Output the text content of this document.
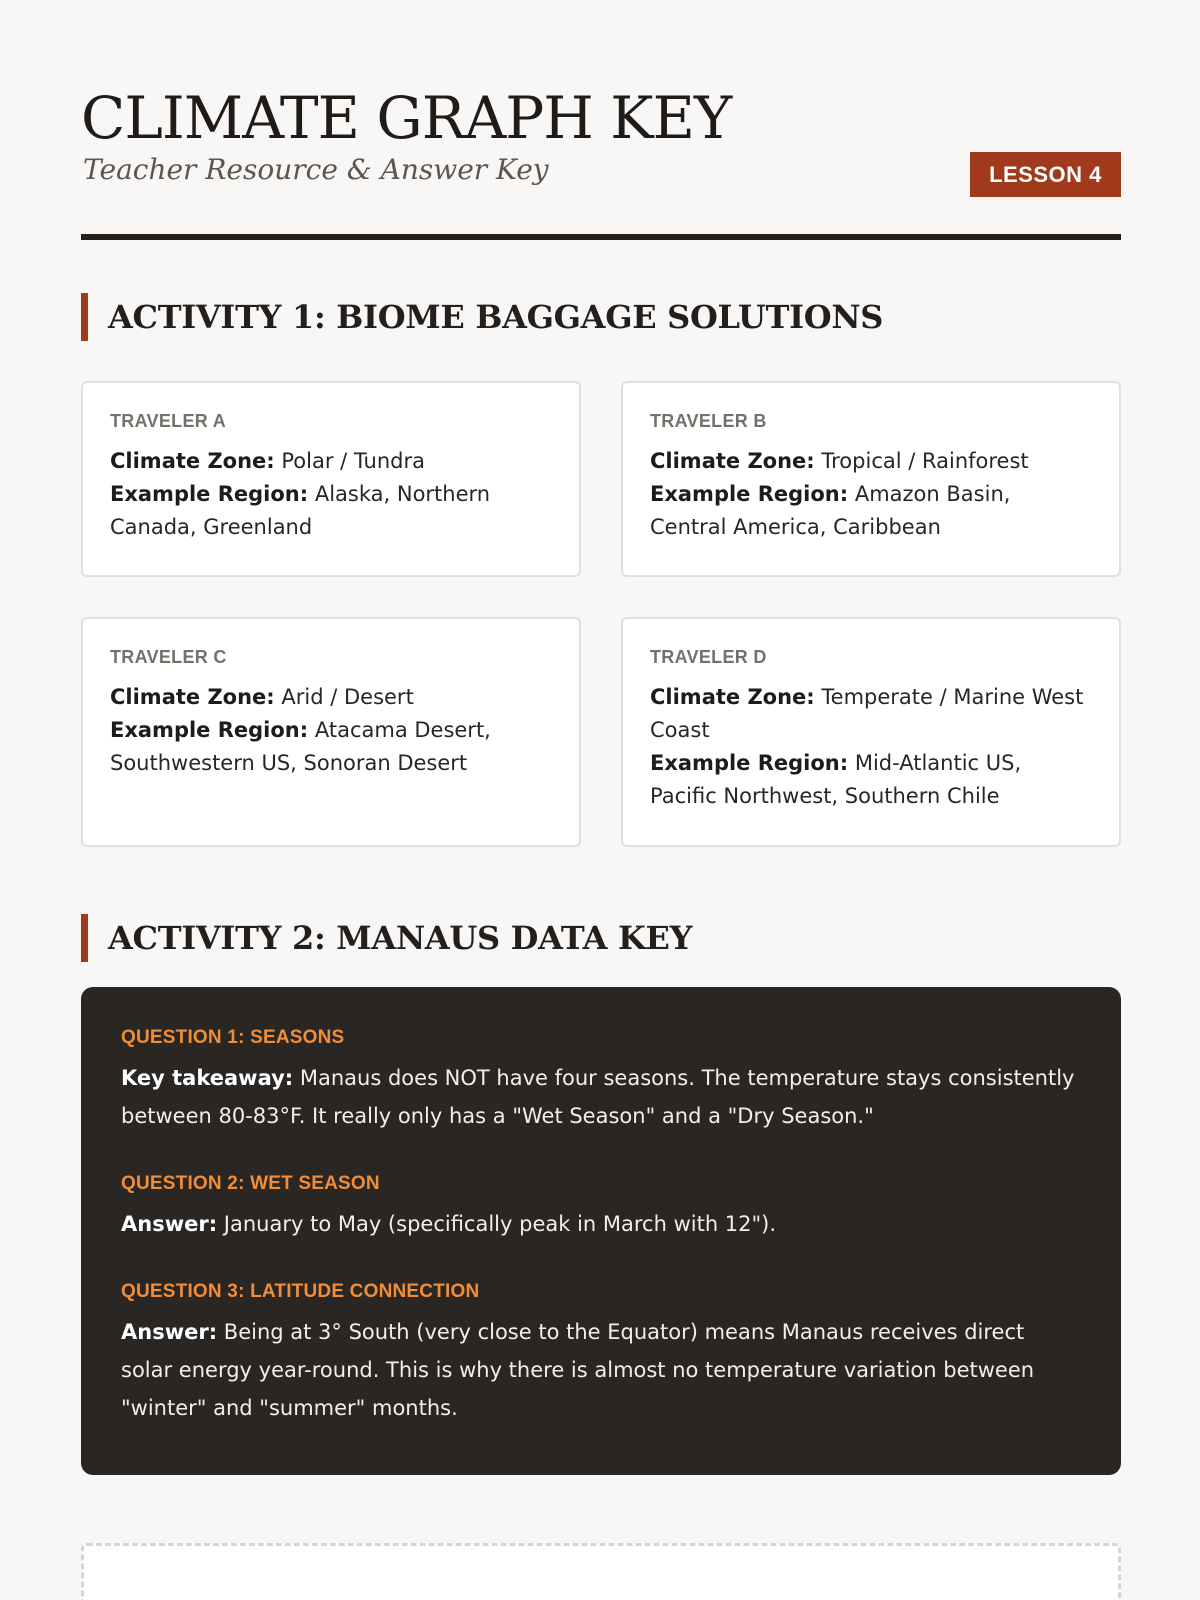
CLIMATE GRAPH KEY
Teacher Resource & Answer Key	LESSON 4
ACTIVITY 1: BIOME BAGGAGE SOLUTIONS
TRAVELER A
Climate Zone: Polar / Tundra
Example Region: Alaska, Northern Canada, Greenland
TRAVELER B
Climate Zone: Tropical / Rainforest
Example Region: Amazon Basin, Central America, Caribbean
TRAVELER C
Climate Zone: Arid / Desert
Example Region: Atacama Desert, Southwestern US, Sonoran Desert
TRAVELER D
Climate Zone: Temperate / Marine West Coast
Example Region: Mid-Atlantic US, Pacific Northwest, Southern Chile
ACTIVITY 2: MANAUS DATA KEY
QUESTION 1: SEASONS
Key takeaway: Manaus does NOT have four seasons. The temperature stays consistently between 80-83°F. It really only has a "Wet Season" and a "Dry Season."
QUESTION 2: WET SEASON
Answer: January to May (specifically peak in March with 12").
QUESTION 3: LATITUDE CONNECTION
Answer: Being at 3° South (very close to the Equator) means Manaus receives direct solar energy year-round. This is why there is almost no temperature variation between "winter" and "summer" months.
